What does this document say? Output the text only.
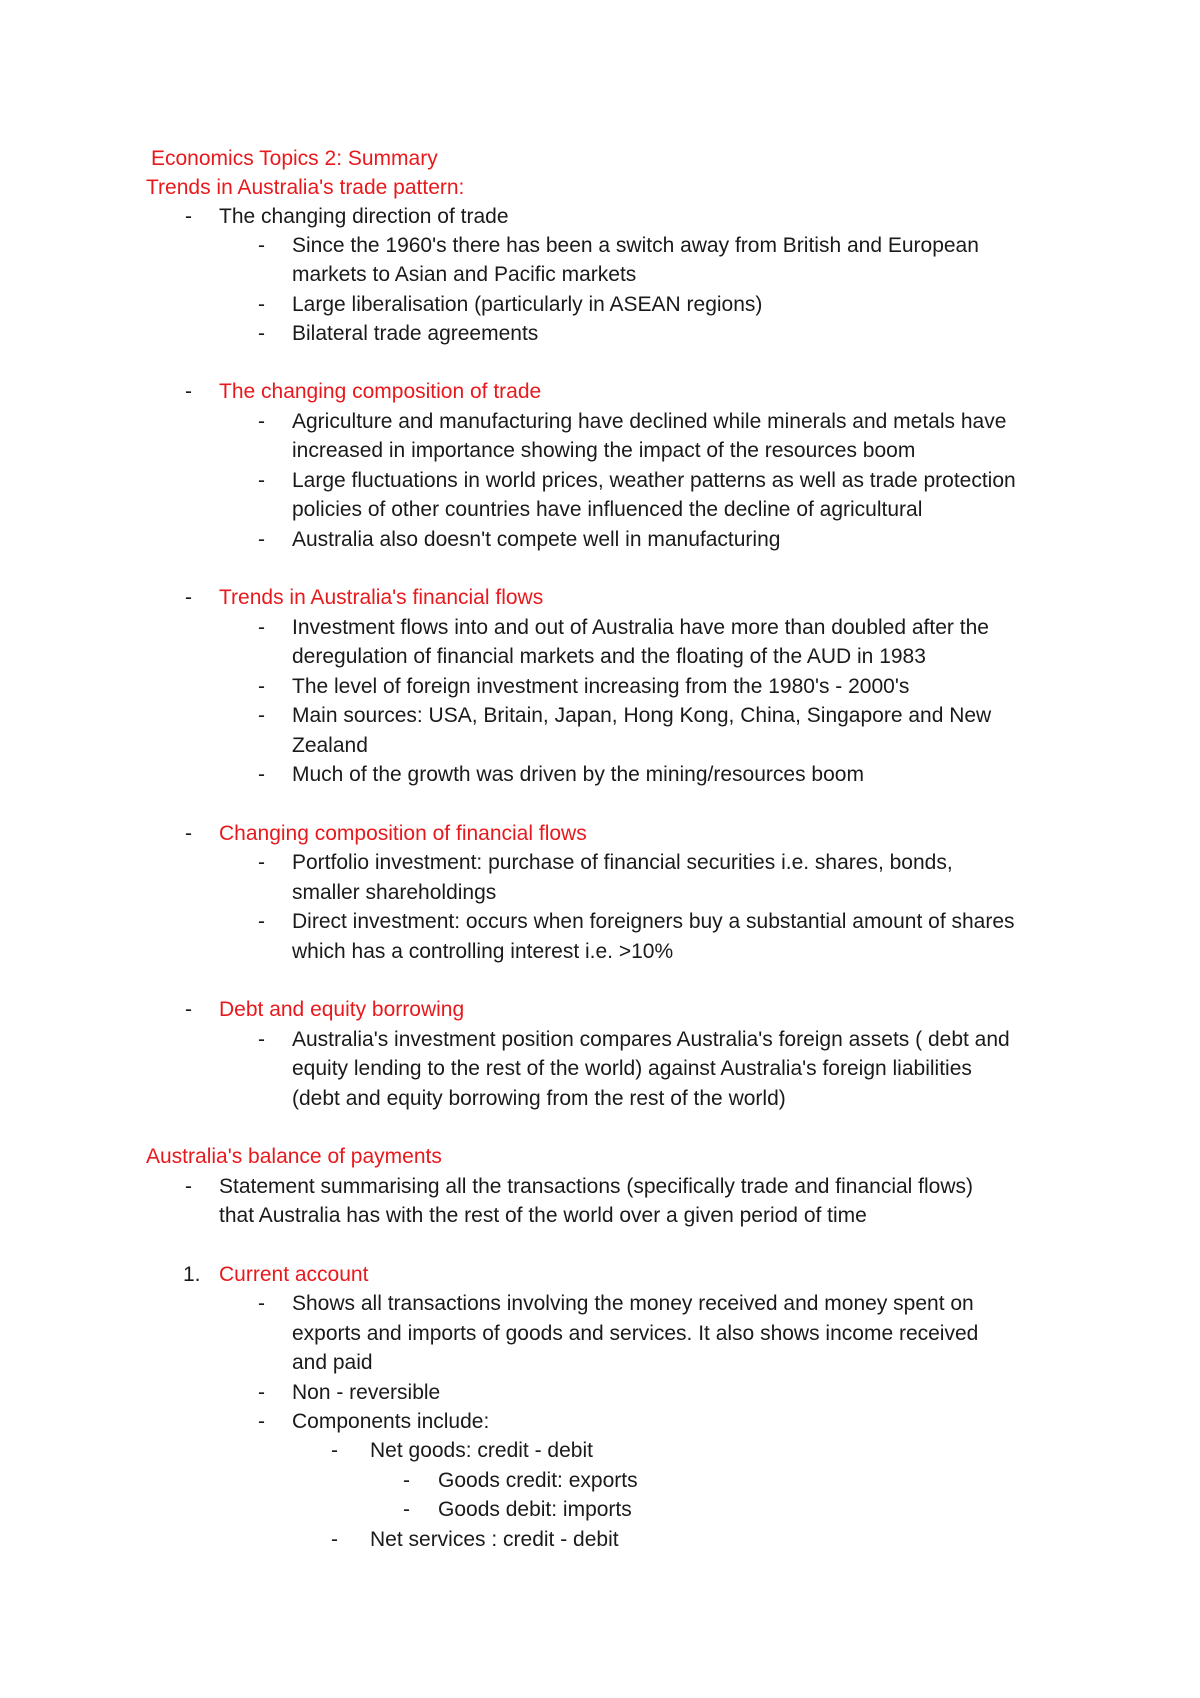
Economics Topics 2: Summary
Trends in Australia's trade pattern:
- The changing direction of trade
- Since the 1960's there has been a switch away from British and European
markets to Asian and Pacific markets
- Large liberalisation (particularly in ASEAN regions)
- Bilateral trade agreements
- The changing composition of trade
- Agriculture and manufacturing have declined while minerals and metals have
increased in importance showing the impact of the resources boom
- Large fluctuations in world prices, weather patterns as well as trade protection
policies of other countries have influenced the decline of agricultural
- Australia also doesn't compete well in manufacturing
- Trends in Australia's financial flows
- Investment flows into and out of Australia have more than doubled after the
deregulation of financial markets and the floating of the AUD in 1983
- The level of foreign investment increasing from the 1980's - 2000's
- Main sources: USA, Britain, Japan, Hong Kong, China, Singapore and New
Zealand
- Much of the growth was driven by the mining/resources boom
- Changing composition of financial flows
- Portfolio investment: purchase of financial securities i.e. shares, bonds,
smaller shareholdings
- Direct investment: occurs when foreigners buy a substantial amount of shares
which has a controlling interest i.e. >10%
- Debt and equity borrowing
- Australia's investment position compares Australia's foreign assets ( debt and
equity lending to the rest of the world) against Australia's foreign liabilities
(debt and equity borrowing from the rest of the world)
Australia's balance of payments
- Statement summarising all the transactions (specifically trade and financial flows)
that Australia has with the rest of the world over a given period of time
1. Current account
- Shows all transactions involving the money received and money spent on
exports and imports of goods and services. It also shows income received
and paid
- Non - reversible
- Components include:
- Net goods: credit - debit
- Goods credit: exports
- Goods debit: imports
- Net services : credit - debit
